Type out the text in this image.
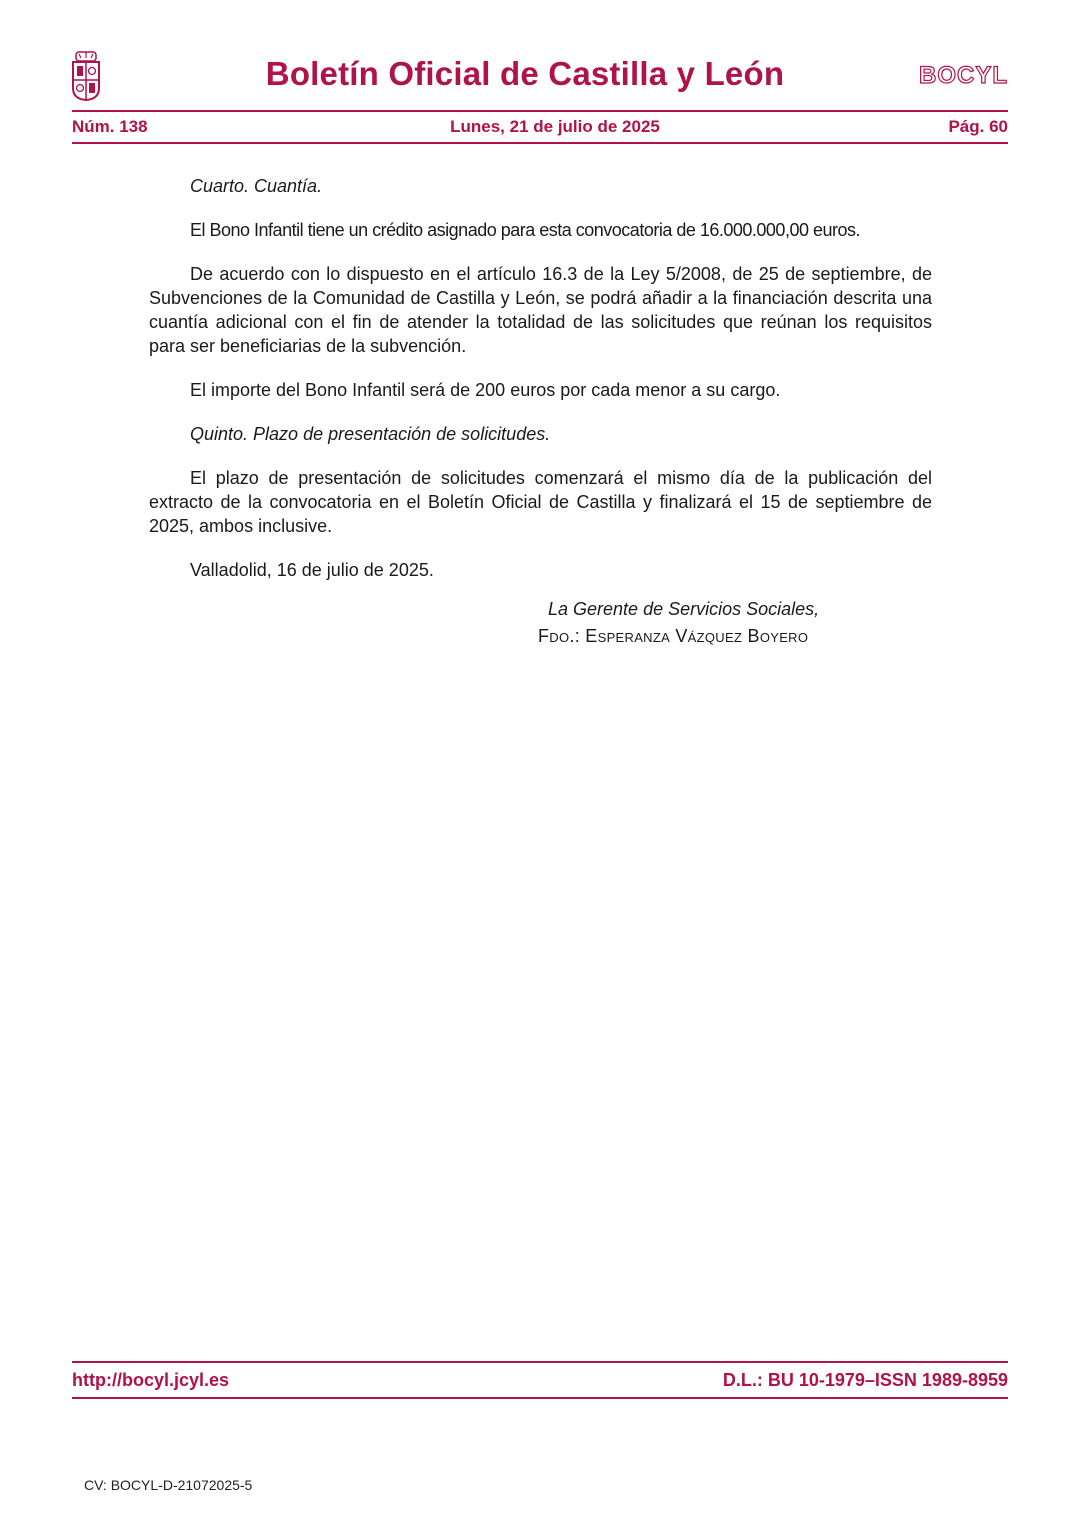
Boletín Oficial de Castilla y León	BOCYL
Núm. 138	Lunes, 21 de julio de 2025	Pág. 60

Cuarto. Cuantía.

El Bono Infantil tiene un crédito asignado para esta convocatoria de 16.000.000,00 euros.

De acuerdo con lo dispuesto en el artículo 16.3 de la Ley 5/2008, de 25 de septiembre, de Subvenciones de la Comunidad de Castilla y León, se podrá añadir a la financiación descrita una cuantía adicional con el fin de atender la totalidad de las solicitudes que reúnan los requisitos para ser beneficiarias de la subvención.

El importe del Bono Infantil será de 200 euros por cada menor a su cargo.

Quinto. Plazo de presentación de solicitudes.

El plazo de presentación de solicitudes comenzará el mismo día de la publicación del extracto de la convocatoria en el Boletín Oficial de Castilla y finalizará el 15 de septiembre de 2025, ambos inclusive.

Valladolid, 16 de julio de 2025.

La Gerente de Servicios Sociales,
Fdo.: Esperanza Vázquez Boyero
http://bocyl.jcyl.es	D.L.: BU 10-1979–ISSN 1989-8959
CV: BOCYL-D-21072025-5
